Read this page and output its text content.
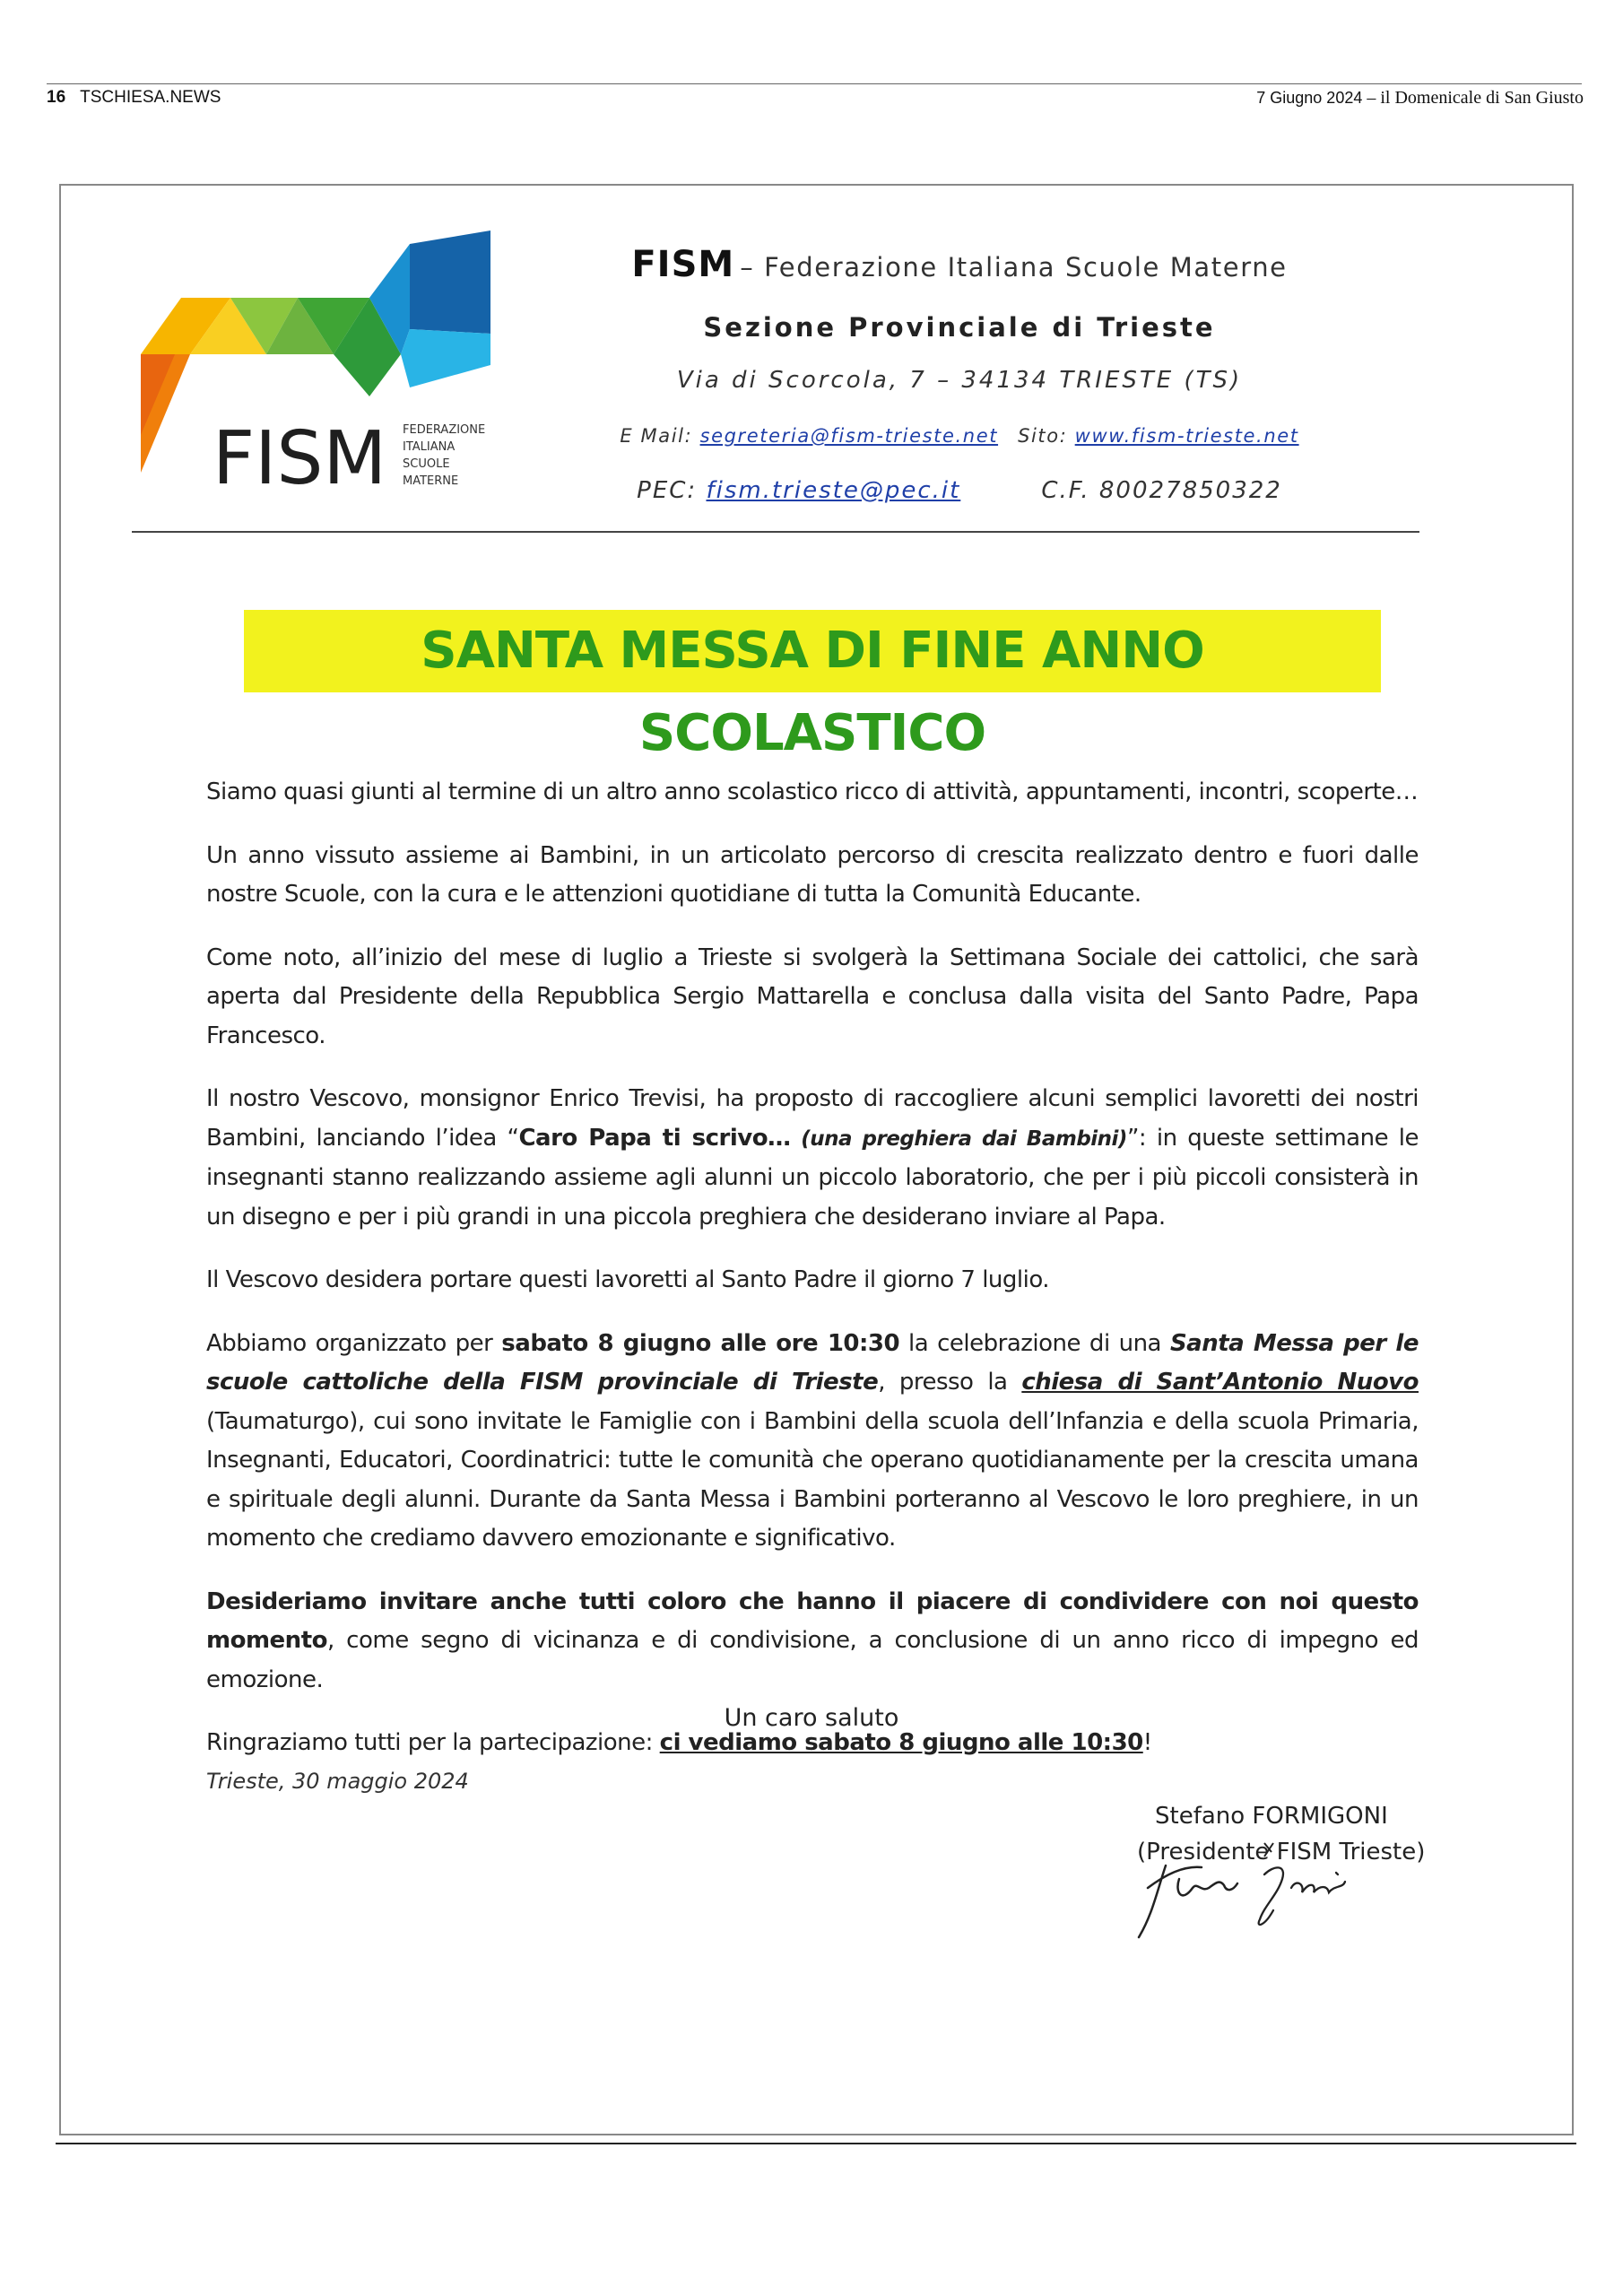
16 TSCHIESA.NEWS	7 Giugno 2024 – il Domenicale di San Giusto
FISM FEDERAZIONE
ITALIANA
SCUOLE
MATERNE
FISM – Federazione Italiana Scuole Materne
Sezione Provinciale di Trieste
Via di Scorcola, 7 – 34134 TRIESTE (TS)
E Mail: segreteria@fism-trieste.net Sito: www.fism-trieste.net
PEC: fism.trieste@pec.it	C.F. 80027850322
SANTA MESSA DI FINE ANNO SCOLASTICO

Siamo quasi giunti al termine di un altro anno scolastico ricco di attività, appuntamenti, incontri, scoperte…

Un anno vissuto assieme ai Bambini, in un articolato percorso di crescita realizzato dentro e fuori dalle nostre Scuole, con la cura e le attenzioni quotidiane di tutta la Comunità Educante.

Come noto, all’inizio del mese di luglio a Trieste si svolgerà la Settimana Sociale dei cattolici, che sarà aperta dal Presidente della Repubblica Sergio Mattarella e conclusa dalla visita del Santo Padre, Papa Francesco.

Il nostro Vescovo, monsignor Enrico Trevisi, ha proposto di raccogliere alcuni semplici lavoretti dei nostri Bambini, lanciando l’idea “Caro Papa ti scrivo… (una preghiera dai Bambini)”: in queste settimane le insegnanti stanno realizzando assieme agli alunni un piccolo laboratorio, che per i più piccoli consisterà in un disegno e per i più grandi in una piccola preghiera che desiderano inviare al Papa.

Il Vescovo desidera portare questi lavoretti al Santo Padre il giorno 7 luglio.

Abbiamo organizzato per sabato 8 giugno alle ore 10:30 la celebrazione di una Santa Messa per le scuole cattoliche della FISM provinciale di Trieste, presso la chiesa di Sant’Antonio Nuovo (Taumaturgo), cui sono invitate le Famiglie con i Bambini della scuola dell’Infanzia e della scuola Primaria, Insegnanti, Educatori, Coordinatrici: tutte le comunità che operano quotidianamente per la crescita umana e spirituale degli alunni. Durante da Santa Messa i Bambini porteranno al Vescovo le loro preghiere, in un momento che crediamo davvero emozionante e significativo.

Desideriamo invitare anche tutti coloro che hanno il piacere di condividere con noi questo momento, come segno di vicinanza e di condivisione, a conclusione di un anno ricco di impegno ed emozione.

Ringraziamo tutti per la partecipazione: ci vediamo sabato 8 giugno alle 10:30!

Un caro saluto
Trieste, 30 maggio 2024
Stefano FORMIGONI
(Presidente FISM Trieste)
